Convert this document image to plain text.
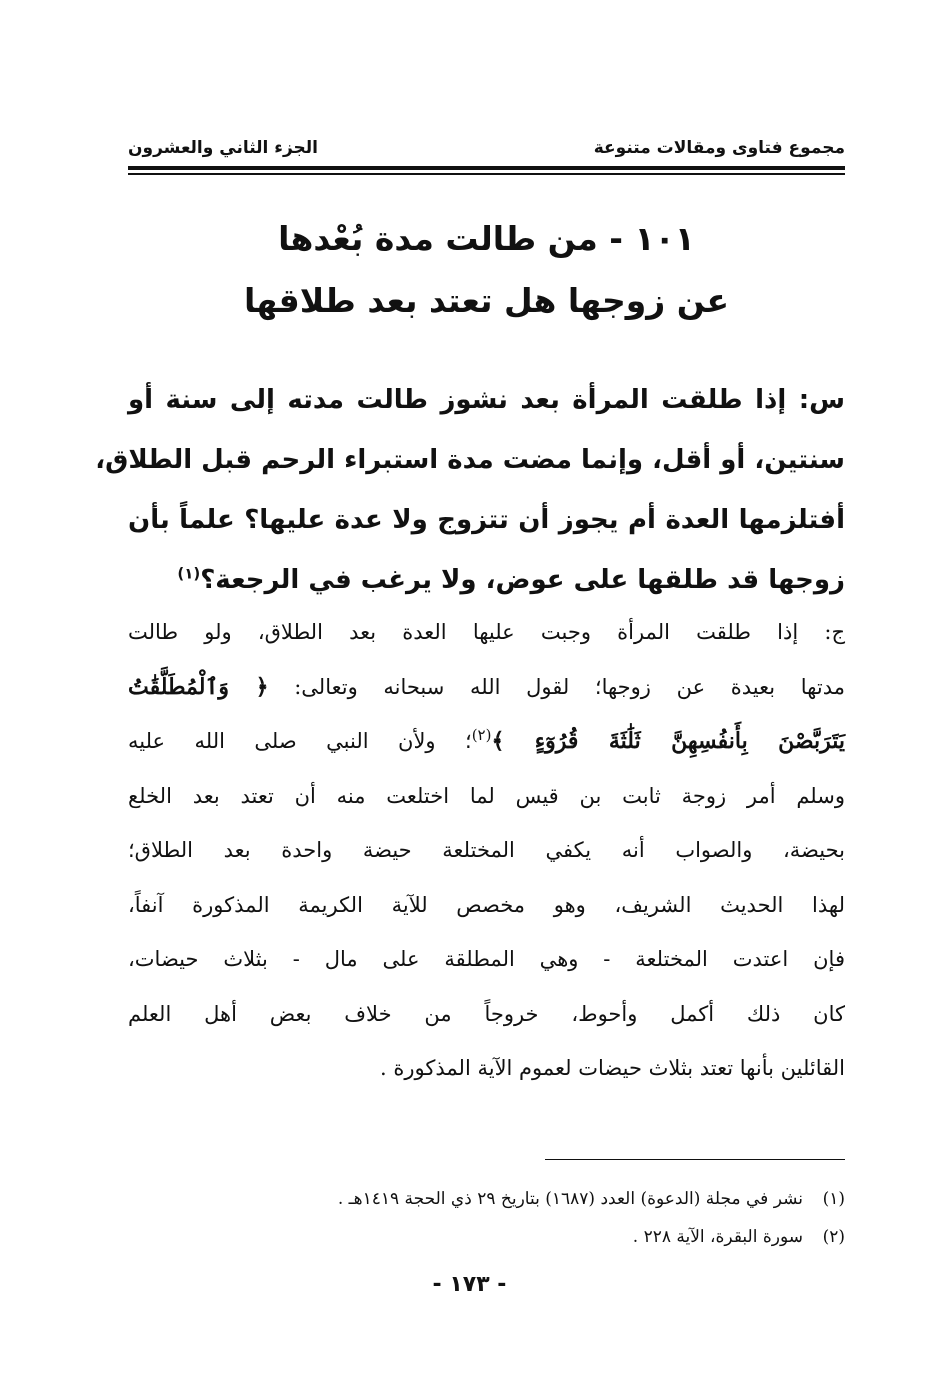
مجموع فتاوى ومقالات متنوعة
الجزء الثاني والعشرون
١٠١ - من طالت مدة بُعْدها
عن زوجها هل تعتد بعد طلاقها
س: إذا طلقت المرأة بعد نشوز طالت مدته إلى سنة أو
سنتين، أو أقل، وإنما مضت مدة استبراء الرحم قبل الطلاق،
أفتلزمها العدة أم يجوز أن تتزوج ولا عدة عليها؟ علماً بأن
زوجها قد طلقها على عوض، ولا يرغب في الرجعة؟$^{(١)}$
ج: إذا طلقت المرأة وجبت عليها العدة بعد الطلاق، ولو طالت
مدتها بعيدة عن زوجها؛ لقول الله سبحانه وتعالى: ﴿ وَٱلْمُطَلَّقَٰتُ
يَتَرَبَّصْنَ بِأَنفُسِهِنَّ ثَلَٰثَةَ قُرُوٓءٍ ﴾$^{(٢)}$؛ ولأن النبي صلى الله عليه
وسلم أمر زوجة ثابت بن قيس لما اختلعت منه أن تعتد بعد الخلع
بحيضة، والصواب أنه يكفي المختلعة حيضة واحدة بعد الطلاق؛
لهذا الحديث الشريف، وهو مخصص للآية الكريمة المذكورة آنفاً،
فإن اعتدت المختلعة - وهي المطلقة على مال - بثلاث حيضات،
كان ذلك أكمل وأحوط، خروجاً من خلاف بعض أهل العلم
القائلين بأنها تعتد بثلاث حيضات لعموم الآية المذكورة .
(١)
نشر في مجلة (الدعوة) العدد (١٦٨٧) بتاريخ ٢٩ ذي الحجة ١٤١٩هـ .
(٢)
سورة البقرة، الآية ٢٢٨ .
- ١٧٣ -
